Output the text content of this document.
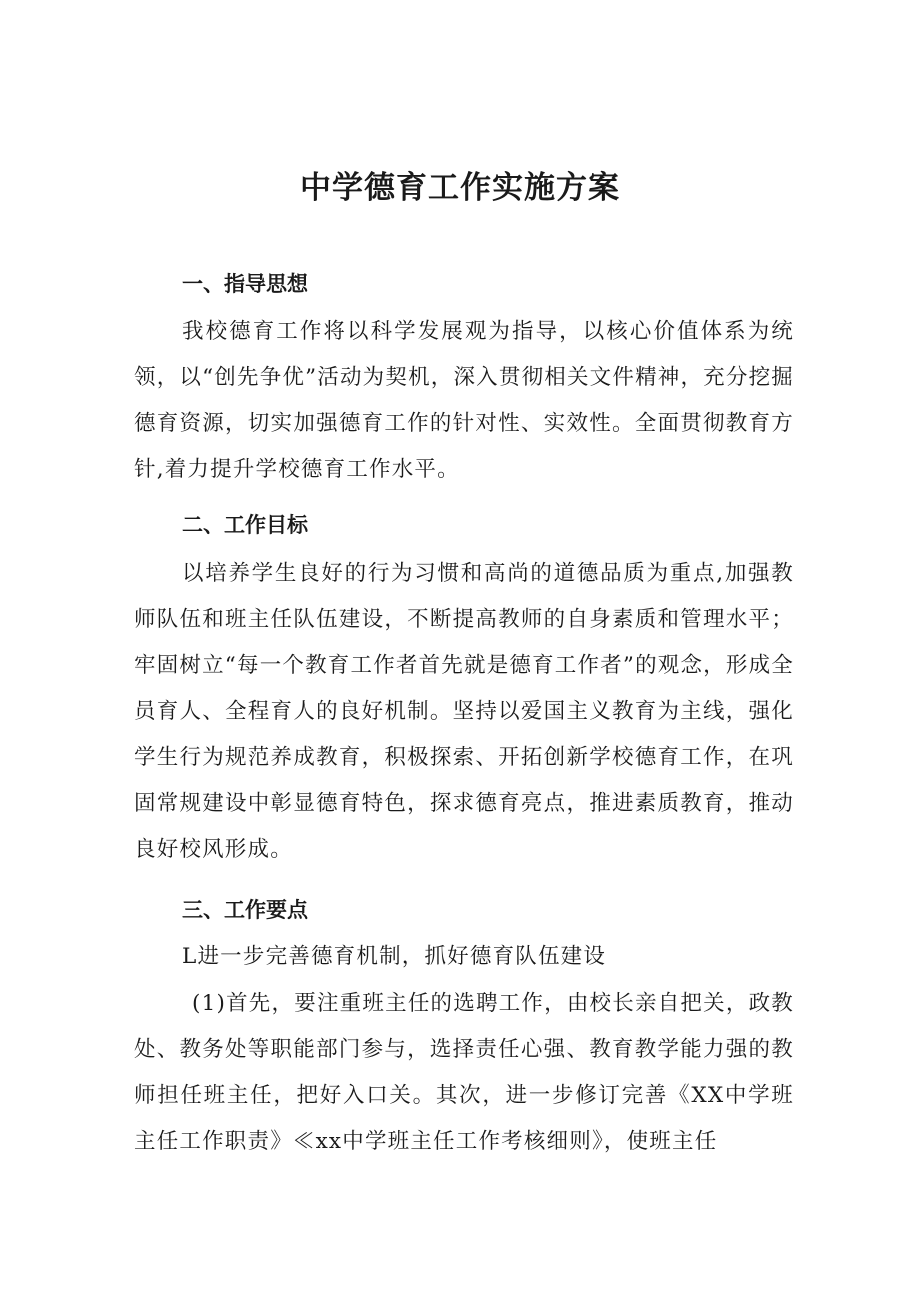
中学德育工作实施方案
一、指导思想
我校德育工作将以科学发展观为指导，以核心价值体系为统领，以“创先争优”活动为契机，深入贯彻相关文件精神，充分挖掘德育资源，切实加强德育工作的针对性、实效性。全面贯彻教育方针,着力提升学校德育工作水平。
二、工作目标
以培养学生良好的行为习惯和高尚的道德品质为重点,加强教师队伍和班主任队伍建设，不断提高教师的自身素质和管理水平；牢固树立“每一个教育工作者首先就是德育工作者”的观念，形成全员育人、全程育人的良好机制。坚持以爱国主义教育为主线，强化学生行为规范养成教育，积极探索、开拓创新学校德育工作，在巩固常规建设中彰显德育特色，探求德育亮点，推进素质教育，推动良好校风形成。
三、工作要点
L进一步完善德育机制，抓好德育队伍建设
(1)首先，要注重班主任的选聘工作，由校长亲自把关，政教处、教务处等职能部门参与，选择责任心强、教育教学能力强的教师担任班主任，把好入口关。其次，进一步修订完善《XX中学班主任工作职责》≪xx中学班主任工作考核细则》，使班主任
